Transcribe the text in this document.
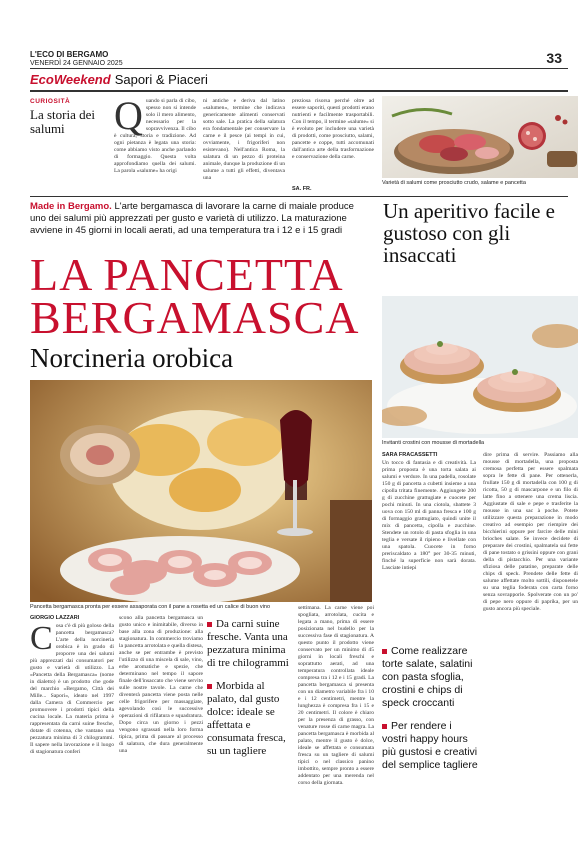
L'ECO DI BERGAMO
VENERDÌ 24 GENNAIO 2025	33
EcoWeekend Sapori & Piaceri
CURIOSITÀ
La storia dei salumi	Quando si parla di cibo, spesso non si intende solo il mero alimento, necessario per la sopravvivenza. Il cibo è cultura, storia e tradizione. Ad ogni pietanza è legata una storia: come abbiamo visto anche parlando di formaggio. Questa volta approfondiamo quella dei salumi. La parola «salume» ha origi
ni antiche e deriva dal latino «salumen», termine che indicava genericamente alimenti conservati sotto sale. La pratica della salatura era fondamentale per conservare la carne e il pesce (ai tempi in cui, ovviamente, i frigoriferi non esistevano). Nell'antica Roma, la salatura di un pezzo di proteina animale, dunque la produzione di un salume a tutti gli effetti, diventava una
preziosa risorsa perché oltre ad essere saporiti, questi prodotti erano nutrienti e facilmente trasportabili. Con il tempo, il termine «salume» si è evoluto per includere una varietà di prodotti, come prosciutto, salami, pancette e coppe, tutti accomunati dall'antica arte della trasformazione e conservazione della carne.
SA. FR.
Varietà di salumi come prosciutto crudo, salame e pancetta
Made in Bergamo. L'arte bergamasca di lavorare la carne di maiale produce uno dei salumi più apprezzati per gusto e varietà di utilizzo. La maturazione avviene in 45 giorni in locali aerati, ad una temperatura tra i 12 e i 15 gradi
Un aperitivo facile e gustoso con gli insaccati
LA PANCETTA
BERGAMASCA
Norcineria orobica
Invitanti crostini con mousse di mortadella
Pancetta bergamasca pronta per essere assaporata con il pane a rosetta ed un calice di buon vino
GIORGIO LAZZARI
Cosa c'è di più goloso della pancetta bergamasca? L'arte della norcineria orobica è in grado di proporre una dei salumi più apprezzati dai consumatori per gusto e varietà di utilizzo. La «Pancetta della Bergamasca» (nome in dialetto) è un prodotto che gode del marchio «Bergamo, Città dei Mille... Sapori», ideato nel 1997 dalla Camera di Commercio per promuovere i prodotti tipici della cucina locale. La materia prima è rappresentata da carni suine fresche, dotate di cotenna, che vantano una pezzatura minima di 3 chilogrammi. Il sapere nella lavorazione e il luogo di stagionatura conferi
scono alla pancetta bergamasca un gusto unico e inimitabile, diverso in base alla zona di produzione: alla stagionatura. In commercio troviamo la pancetta arrotolata e quella distesa, anche se per entrambe è previsto l'utilizzo di una miscela di sale, vino, erbe aromatiche e spezie, che determinano nel tempo il sapore finale dell'insaccato che viene servito sulle nostre tavole. La carne che diventerà pancetta viene posta nelle celle frigorifere per massaggiate, agevolando così le successive operazioni di rifilatura e squadratura. Dopo circa un giorno i pezzi vengono sgrassati nella loro forma tipica, prima di passare al processo di salatura, che dura generalmente una
Da carni suine fresche. Vanta una pezzatura minima di tre chilogrammi
Morbida al palato, dal gusto dolce: ideale se affettata e consumata fresca, su un tagliere
settimana. La carne viene poi spogliata, arrotolata, cucita e legata a mano, prima di essere posizionata nel budello per la successiva fase di stagionatura. A questo punto il prodotto viene conservato per un minimo di 45 giorni in locali freschi e soprattutto aerati, ad una temperatura controllata ideale compresa tra i 12 e i 15 gradi. La pancetta bergamasca si presenta con un diametro variabile fra i 10 e i 12 centimetri, mentre la lunghezza è compresa fra i 15 e 20 centimetri. Il colore è chiaro per la presenza di grasso, con venature rosse di carne magra. La pancetta bergamasca è morbida al palato, mentre il gusto è dolce, ideale se affettata e consumata fresca su un tagliere di salumi tipici o nel classico panino imbottito, sempre pronto a essere addentato per una merenda nel corso della giornata.
SARA FRACASSETTI
Un tocco di fantasia e di creatività. La prima proposta è una torta salata ai salumi e verdure. In una padella, rosolate 150 g di pancetta a cubetti insieme a una cipolla tritata finemente. Aggiungete 200 g di zucchine grattugiate e cuocete per pochi minuti. In una ciotola, sbattete 3 uova con 150 ml di panna fresca e 100 g di formaggio grattugiato, quindi unite il mix di pancetta, cipolla e zucchine. Stendete un rotolo di pasta sfoglia in una teglia e versate il ripieno e livellate con una spatola. Cuocete in forno preriscaldato a 180° per 30-35 minuti, finché la superficie non sarà dorata. Lasciate intiepi
dire prima di servire. Passiamo alla mousse di mortadella, una proposta cremosa perfetta per essere spalmata sopra le fette di pane. Per ottenerla, frullate 150 g di mortadella con 100 g di ricotta, 50 g di mascarpone e un filo di latte fino a ottenere una crema liscia. Aggiustate di sale e pepe e trasferite la mousse in una sac à poche. Potete utilizzare questa preparazione in modo creativo ad esempio per riempire dei bicchierini oppure per farcire delle mini brioches salate. Se invece decidete di preparare dei crostini, spalmatela sui fette di pane tostato o grissini oppure con grani della di pistacchio. Per una variante sfiziosa delle patatine, preparate delle chips di speck. Prendete delle fette di salume affettate molto sottili, disponetele su una teglia foderata con carta forno senza sovrapporle. Spolverate con un po' di pepe nero oppure di paprika, per un gusto ancora più speciale.
Come realizzare torte salate, salatini con pasta sfoglia, crostini e chips di speck croccanti
Per rendere i vostri happy hours più gustosi e creativi del semplice tagliere
